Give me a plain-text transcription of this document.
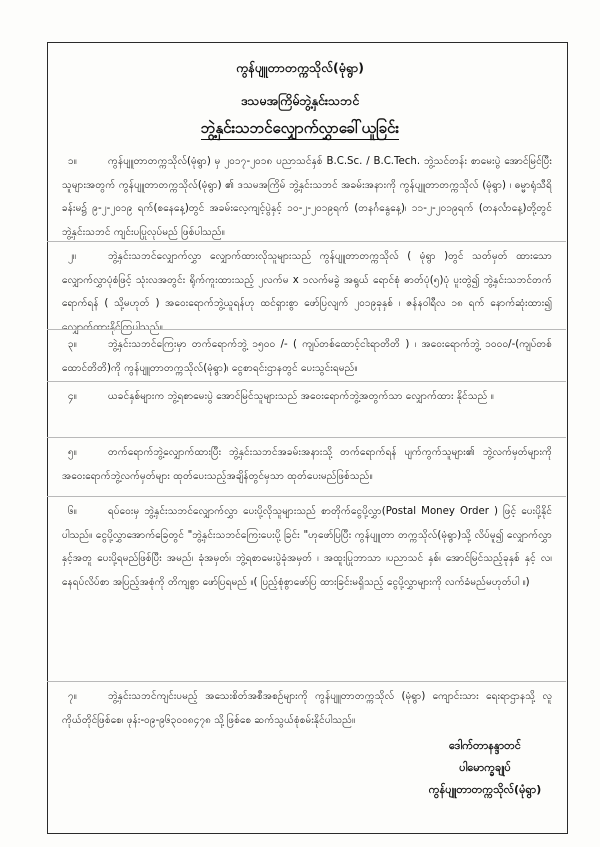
ကွန်ပျူတာတက္ကသိုလ်(မုံရွာ)
ဒသမအကြိမ်ဘွဲ့နှင်းသဘင်
ဘွဲ့နှင်းသဘင်လျှောက်လွှာခေါ်ယူခြင်း
၁။	ကွန်ပျူတာတက္ကသိုလ်(မုံရွာ) မှ ၂၀၁၇-၂၀၁၈ ပညာသင်နှစ် B.C.Sc. / B.C.Tech. ဘွဲ့သင်တန်း စာမေးပွဲ အောင်မြင်ပြီးသူများအတွက် ကွန်ပျူတာတက္ကသိုလ်(မုံရွာ) ၏ ဒသမအကြိမ် ဘွဲ့နှင်းသဘင် အခမ်းအနားကို ကွန်ပျူတာတက္ကသိုလ် (မုံရွာ) ၊ ဓမ္မာရုံသီရိခန်းမ၌ ၉-၂-၂၀၁၉ ရက်(စနေနေ့)တွင် အခမ်းလေ့ကျင့်ပွဲနှင့် ၁၀-၂-၂၀၁၉ရက် (တနင်္ဂနွေနေ့)၊ ၁၁-၂-၂၀၁၉ရက် (တနင်္လာနေ့)တို့တွင် ဘွဲ့နှင်းသဘင် ကျင်းပပြုလုပ်မည် ဖြစ်ပါသည်။
၂။	ဘွဲ့နှင်းသဘင်လျှောက်လွှာ လျှောက်ထားလိုသူများသည် ကွန်ပျူတာတက္ကသိုလ် ( မုံရွာ )တွင် သတ်မှတ် ထားသော လျှောက်လွှာပုံစံဖြင့် သုံးလအတွင်း ရိုက်ကူးထားသည့် ၂လက်မ x ၁လက်မခွဲ အရွယ် ရောင်စုံ ဓာတ်ပုံ(၅)ပုံ ပူးတွဲ၍ ဘွဲ့နှင်းသဘင်တက်ရောက်ရန် ( သို့မဟုတ် ) အဝေးရောက်ဘွဲ့ယူရန်ဟု ထင်ရှားစွာ ဖော်ပြလျက် ၂၀၁၉ခုနှစ် ၊ ဇန်နဝါရီလ ၁၈ ရက် နောက်ဆုံးထား၍ လျှောက်ထားနိုင်ကြပါသည်။
၃။	ဘွဲ့နှင်းသဘင်ကြေးမှာ တက်ရောက်ဘွဲ့ ၁၅၀၀ /- ( ကျပ်တစ်ထောင့်ငါးရာတိတိ ) ၊ အဝေးရောက်ဘွဲ့ ၁၀၀၀/-(ကျပ်တစ်ထောင်တိတိ)ကို ကွန်ပျူတာတက္ကသိုလ်(မုံရွာ)၊ ငွေစာရင်းဌာနတွင် ပေးသွင်းရမည်။
၄။	ယခင်နှစ်များက ဘွဲ့ရစာမေးပွဲ အောင်မြင်သူများသည် အဝေးရောက်ဘွဲ့အတွက်သာ လျှောက်ထား နိုင်သည် ။
၅။	တက်ရောက်ဘွဲ့လျှောက်ထားပြီး ဘွဲ့နှင်းသဘင်အခမ်းအနားသို့ တက်ရောက်ရန် ပျက်ကွက်သူများ၏ ဘွဲ့လက်မှတ်များကို အဝေးရောက်ဘွဲ့လက်မှတ်များ ထုတ်ပေးသည့်အချိန်တွင်မှသာ ထုတ်ပေးမည်ဖြစ်သည်။
၆။	ရပ်ဝေးမှ ဘွဲ့နှင်းသဘင်လျှောက်လွှာ ပေးပို့လိုသူများသည် စာတိုက်ငွေပို့လွှာ(Postal Money Order ) ဖြင့် ပေးပို့နိုင်ပါသည်။ ငွေပို့လွှာအောက်ခြေတွင် "ဘွဲ့နှင်းသဘင်ကြေးပေးပို့ ခြင်း "ဟုဖော်ပြပြီး ကွန်ပျူတာ တက္ကသိုလ်(မုံရွာ)သို့ လိပ်မူ၍ လျှောက်လွှာနှင့်အတူ ပေးပို့ရမည်ဖြစ်ပြီး အမည်၊ ခုံအမှတ်၊ ဘွဲ့ရစာမေးပွဲခုံအမှတ် ၊ အထူးပြုဘာသာ ၊ပညာသင် နှစ်၊ အောင်မြင်သည့်ခုနှစ် နှင့် လ၊ နေရပ်လိပ်စာ အပြည့်အစုံကို တိကျစွာ ဖော်ပြရမည် ။( ပြည့်စုံစွာဖော်ပြ ထားခြင်းမရှိသည့် ငွေပို့လွှာများကို လက်ခံမည်မဟုတ်ပါ ။)
၇။	ဘွဲ့နှင်းသဘင်ကျင်းပမည့် အသေးစိတ်အစီအစဉ်များကို ကွန်ပျူတာတက္ကသိုလ် (မုံရွာ) ကျောင်းသား ရေးရာဌာနသို့ လူကိုယ်တိုင်ဖြစ်စေ၊ ဖုန်း-၀၉-၉၆၃၀၀၈၄၇၈ သို့ဖြစ်စေ ဆက်သွယ်စုံစမ်းနိုင်ပါသည်။
ဒေါက်တာနန္ဒာတင်
ပါမောက္ခချုပ်
ကွန်ပျူတာတက္ကသိုလ်(မုံရွာ)
